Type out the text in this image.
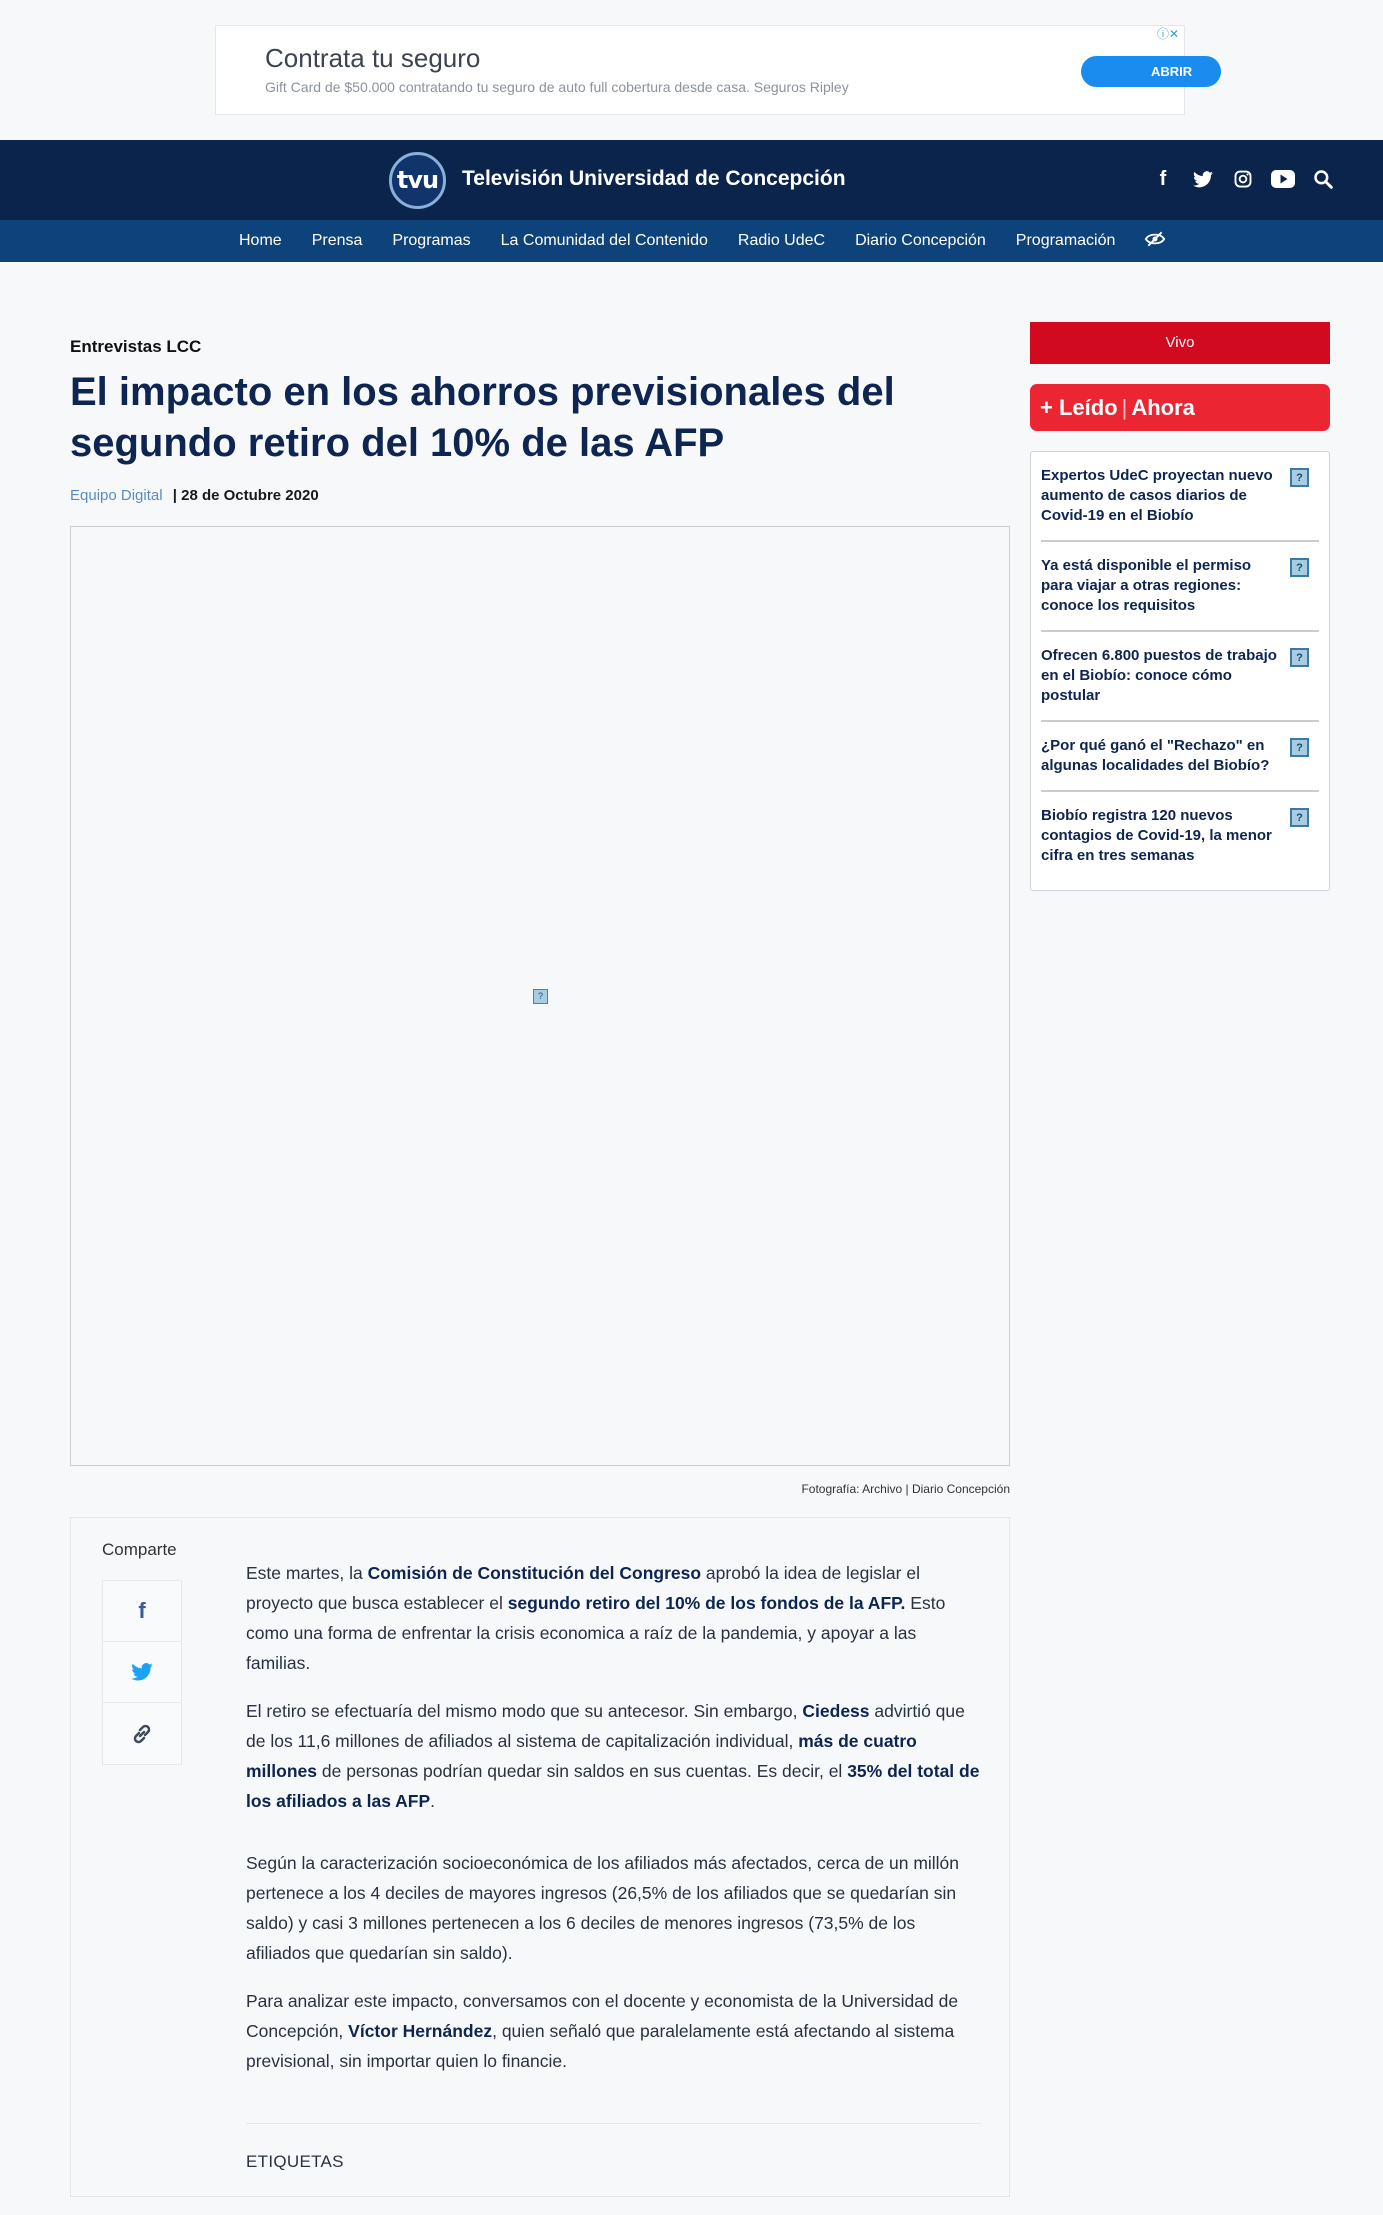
Contrata tu seguro
Gift Card de $50.000 contratando tu seguro de auto full cobertura desde casa. Seguros Ripley
ABRIR
ⓘ✕
tvu	Televisión Universidad de Concepción	f
Home Prensa Programas La Comunidad del Contenido Radio UdeC Diario Concepción Programación
Entrevistas LCC
El impacto en los ahorros previsionales del segundo retiro del 10% de las AFP
Equipo Digital | 28 de Octubre 2020
?
Fotografía: Archivo | Diario Concepción
Comparte
f

Este martes, la Comisión de Constitución del Congreso aprobó la idea de legislar el proyecto que busca establecer el segundo retiro del 10% de los fondos de la AFP. Esto como una forma de enfrentar la crisis economica a raíz de la pandemia, y apoyar a las familias.

El retiro se efectuaría del mismo modo que su antecesor. Sin embargo, Ciedess advirtió que de los 11,6 millones de afiliados al sistema de capitalización individual, más de cuatro millones de personas podrían quedar sin saldos en sus cuentas. Es decir, el 35% del total de los afiliados a las AFP.

Según la caracterización socioeconómica de los afiliados más afectados, cerca de un millón pertenece a los 4 deciles de mayores ingresos (26,5% de los afiliados que se quedarían sin saldo) y casi 3 millones pertenecen a los 6 deciles de menores ingresos (73,5% de los afiliados que quedarían sin saldo).

Para analizar este impacto, conversamos con el docente y economista de la Universidad de Concepción, Víctor Hernández, quien señaló que paralelamente está afectando al sistema previsional, sin importar quien lo financie.

ETIQUETAS
Vivo
+ Leído | Ahora
Expertos UdeC proyectan nuevo aumento de casos diarios de Covid-19 en el Biobío
?
Ya está disponible el permiso para viajar a otras regiones: conoce los requisitos
?
Ofrecen 6.800 puestos de trabajo en el Biobío: conoce cómo postular
?
¿Por qué ganó el "Rechazo" en algunas localidades del Biobío?
?
Biobío registra 120 nuevos contagios de Covid-19, la menor cifra en tres semanas
?
